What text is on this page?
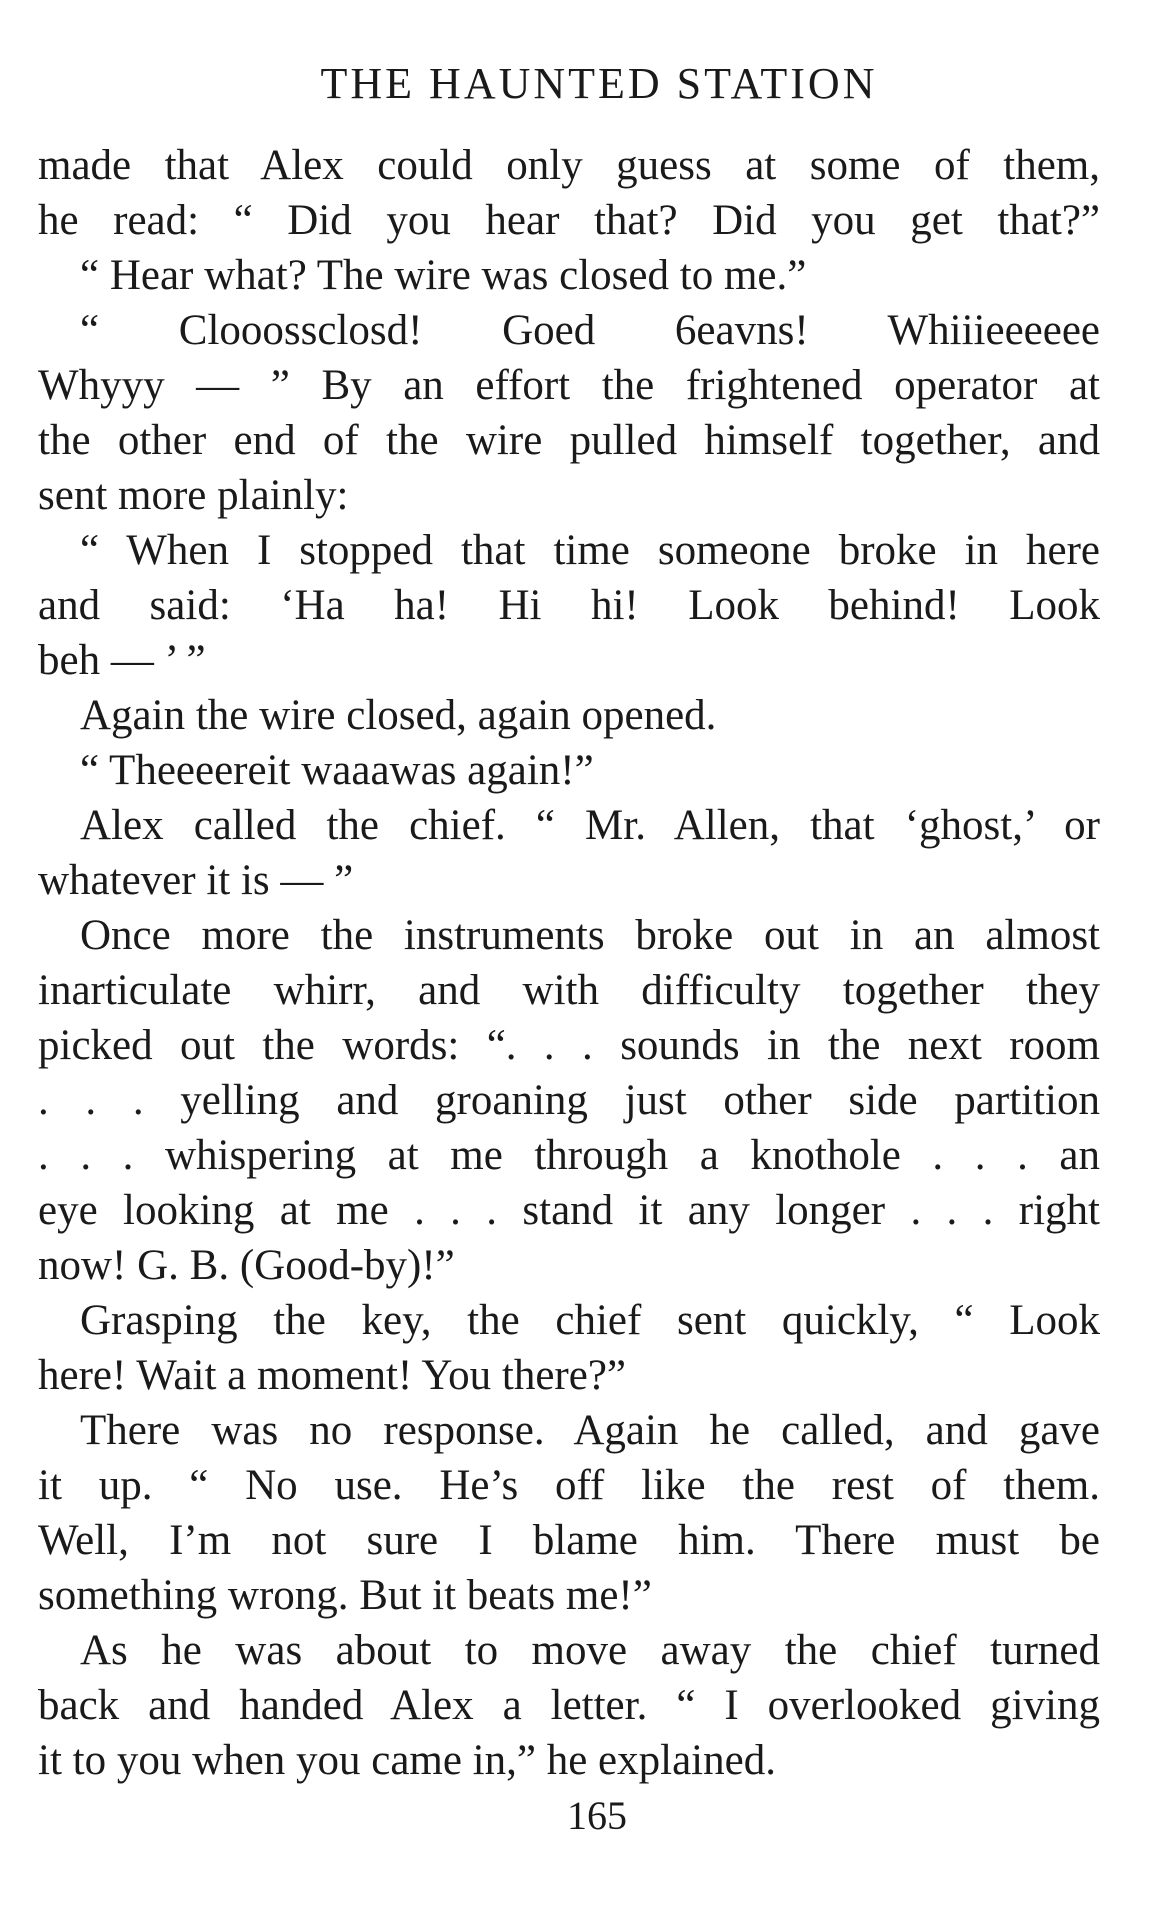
THE HAUNTED STATION
made that Alex could only guess at some of them,
he read: “ Did you hear that? Did you get that?”
“ Hear what? The wire was closed to me.”
“ Clooossclosd! Goed 6eavns! Whiiieeeeee
Whyyy — ” By an effort the frightened operator at
the other end of the wire pulled himself together, and
sent more plainly:
“ When I stopped that time someone broke in here
and said: ‘Ha ha! Hi hi! Look behind! Look
beh — ’ ”
Again the wire closed, again opened.
“ Theeeereit waaawas again!”
Alex called the chief. “ Mr. Allen, that ‘ghost,’ or
whatever it is — ”
Once more the instruments broke out in an almost
inarticulate whirr, and with difficulty together they
picked out the words: “. . . sounds in the next room
. . . yelling and groaning just other side partition
. . . whispering at me through a knothole . . . an
eye looking at me . . . stand it any longer . . . right
now! G. B. (Good-by)!”
Grasping the key, the chief sent quickly, “ Look
here! Wait a moment! You there?”
There was no response. Again he called, and gave
it up. “ No use. He’s off like the rest of them.
Well, I’m not sure I blame him. There must be
something wrong. But it beats me!”
As he was about to move away the chief turned
back and handed Alex a letter. “ I overlooked giving
it to you when you came in,” he explained.
165
